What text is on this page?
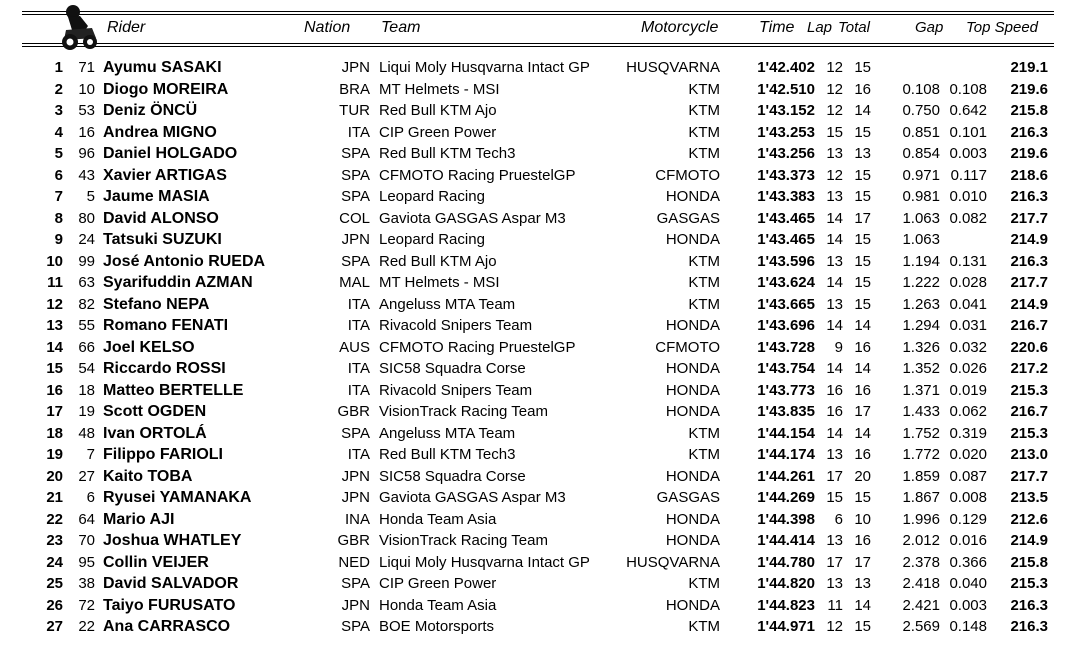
Rider	Nation Team	Motorcycle	Time Lap Total	Gap Top Speed
1	71 Ayumu SASAKI	JPN Liqui Moly Husqvarna Intact GP	HUSQVARNA	1'42.402 12 15	219.1
2	10 Diogo MOREIRA	BRA MT Helmets - MSI	KTM	1'42.510 12 16	0.108 0.108	219.6
3	53 Deniz ÖNCÜ	TUR Red Bull KTM Ajo	KTM	1'43.152 12 14	0.750 0.642	215.8
4	16 Andrea MIGNO	ITA CIP Green Power	KTM	1'43.253 15 15	0.851 0.101	216.3
5	96 Daniel HOLGADO	SPA Red Bull KTM Tech3	KTM	1'43.256 13 13	0.854 0.003	219.6
6	43 Xavier ARTIGAS	SPA CFMOTO Racing PruestelGP	CFMOTO	1'43.373 12 15	0.971 0.117	218.6
7	5 Jaume MASIA	SPA Leopard Racing	HONDA	1'43.383 13 15	0.981 0.010	216.3
8	80 David ALONSO	COL Gaviota GASGAS Aspar M3	GASGAS	1'43.465 14 17	1.063 0.082	217.7
9	24 Tatsuki SUZUKI	JPN Leopard Racing	HONDA	1'43.465 14 15	1.063	214.9
10	99 José Antonio RUEDA	SPA Red Bull KTM Ajo	KTM	1'43.596 13 15	1.194 0.131	216.3
11	63 Syarifuddin AZMAN	MAL MT Helmets - MSI	KTM	1'43.624 14 15	1.222 0.028	217.7
12	82 Stefano NEPA	ITA Angeluss MTA Team	KTM	1'43.665 13 15	1.263 0.041	214.9
13	55 Romano FENATI	ITA Rivacold Snipers Team	HONDA	1'43.696 14 14	1.294 0.031	216.7
14	66 Joel KELSO	AUS CFMOTO Racing PruestelGP	CFMOTO	1'43.728	9 16	1.326 0.032	220.6
15	54 Riccardo ROSSI	ITA SIC58 Squadra Corse	HONDA	1'43.754 14 14	1.352 0.026	217.2
16	18 Matteo BERTELLE	ITA Rivacold Snipers Team	HONDA	1'43.773 16 16	1.371 0.019	215.3
17	19 Scott OGDEN	GBR VisionTrack Racing Team	HONDA	1'43.835 16 17	1.433 0.062	216.7
18	48 Ivan ORTOLÁ	SPA Angeluss MTA Team	KTM	1'44.154 14 14	1.752 0.319	215.3
19	7 Filippo FARIOLI	ITA Red Bull KTM Tech3	KTM	1'44.174 13 16	1.772 0.020	213.0
20	27 Kaito TOBA	JPN SIC58 Squadra Corse	HONDA	1'44.261 17 20	1.859 0.087	217.7
21	6 Ryusei YAMANAKA	JPN Gaviota GASGAS Aspar M3	GASGAS	1'44.269 15 15	1.867 0.008	213.5
22	64 Mario AJI	INA Honda Team Asia	HONDA	1'44.398	6 10	1.996 0.129	212.6
23	70 Joshua WHATLEY	GBR VisionTrack Racing Team	HONDA	1'44.414 13 16	2.012 0.016	214.9
24	95 Collin VEIJER	NED Liqui Moly Husqvarna Intact GP	HUSQVARNA	1'44.780 17 17	2.378 0.366	215.8
25	38 David SALVADOR	SPA CIP Green Power	KTM	1'44.820 13 13	2.418 0.040	215.3
26	72 Taiyo FURUSATO	JPN Honda Team Asia	HONDA	1'44.823 11 14	2.421 0.003	216.3
27	22 Ana CARRASCO	SPA BOE Motorsports	KTM	1'44.971 12 15	2.569 0.148	216.3
